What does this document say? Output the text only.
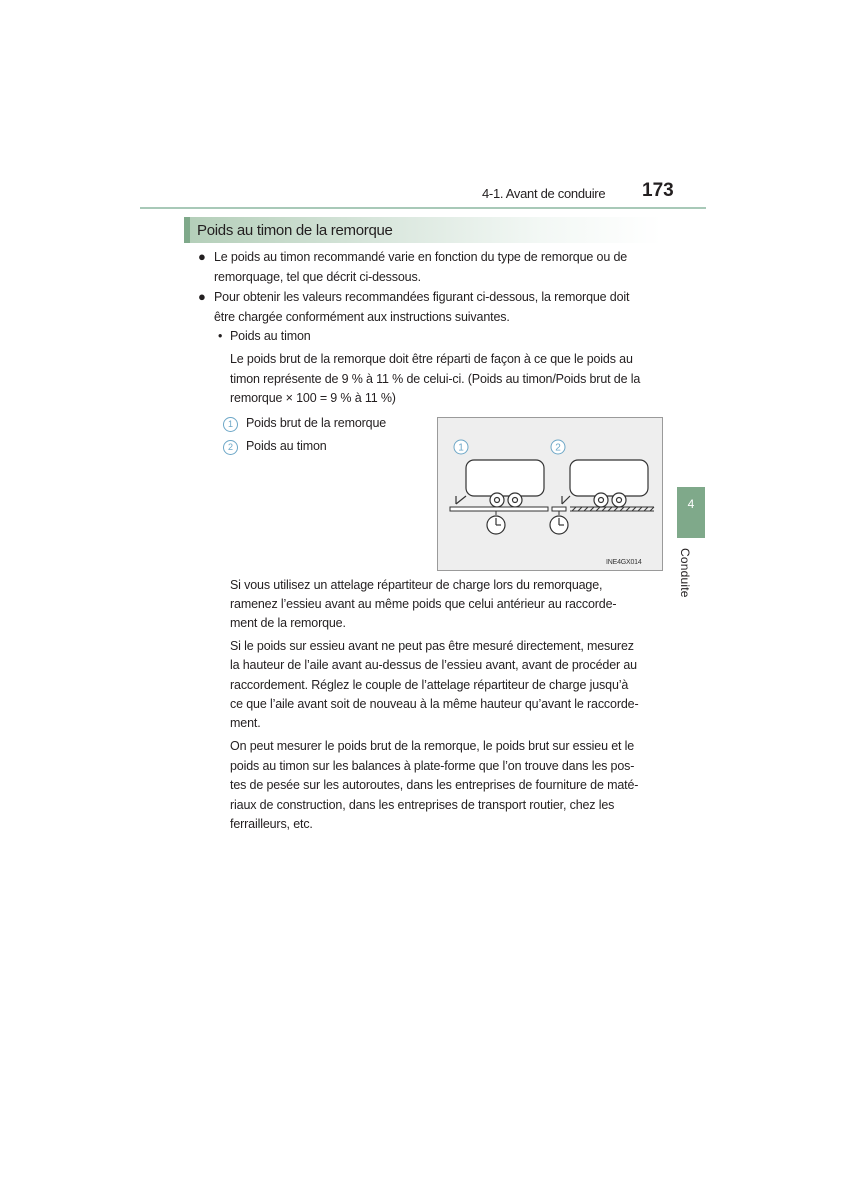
4-1. Avant de conduire 173
Poids au timon de la remorque
4
Conduite
● Le poids au timon recommandé varie en fonction du type de remorque ou de
remorquage, tel que décrit ci-dessous.
● Pour obtenir les valeurs recommandées figurant ci-dessous, la remorque doit
être chargée conformément aux instructions suivantes.
• Poids au timon
Le poids brut de la remorque doit être réparti de façon à ce que le poids au
timon représente de 9 % à 11 % de celui-ci. (Poids au timon/Poids brut de la
remorque × 100 = 9 % à 11 %)
1	Poids brut de la remorque
2	Poids au timon	1	2
INE4GX014
Si vous utilisez un attelage répartiteur de charge lors du remorquage,
ramenez l’essieu avant au même poids que celui antérieur au raccorde-
ment de la remorque.
Si le poids sur essieu avant ne peut pas être mesuré directement, mesurez
la hauteur de l’aile avant au-dessus de l’essieu avant, avant de procéder au
raccordement. Réglez le couple de l’attelage répartiteur de charge jusqu’à
ce que l’aile avant soit de nouveau à la même hauteur qu’avant le raccorde-
ment.
On peut mesurer le poids brut de la remorque, le poids brut sur essieu et le
poids au timon sur les balances à plate-forme que l’on trouve dans les pos-
tes de pesée sur les autoroutes, dans les entreprises de fourniture de maté-
riaux de construction, dans les entreprises de transport routier, chez les
ferrailleurs, etc.
